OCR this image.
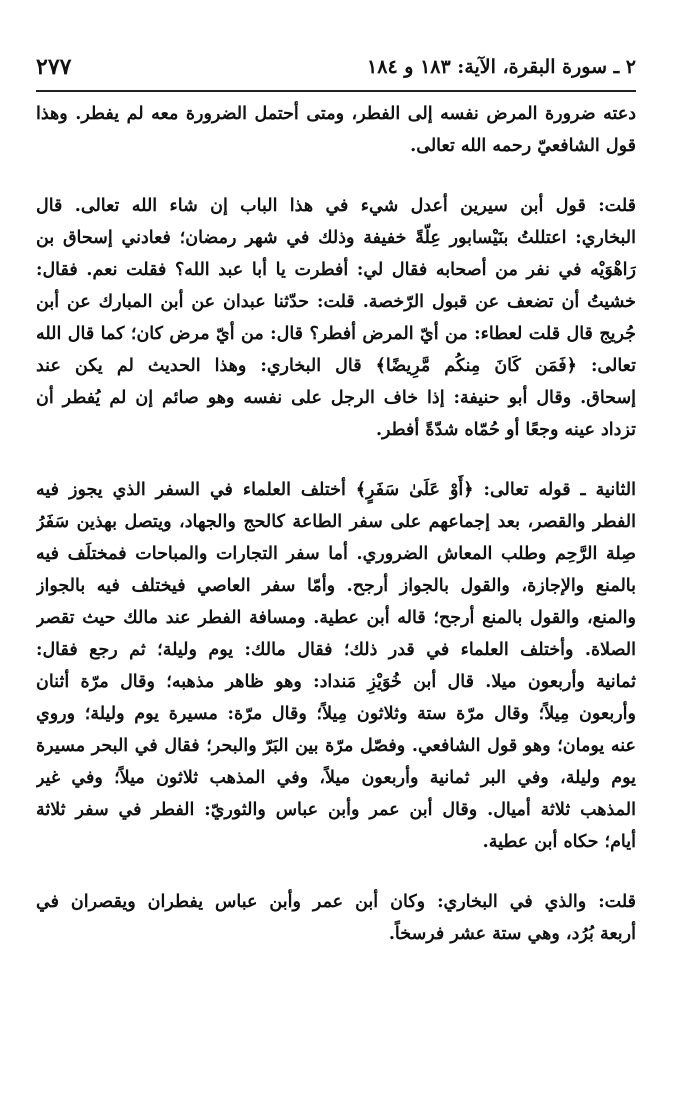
٢ ـ سورة البقرة، الآية: ١٨٣ و ١٨٤
٢٧٧
دعته ضرورة المرض نفسه إلى الفطر، ومتى أحتمل الضرورة معه لم يفطر. وهذا
قول الشافعيّ رحمه الله تعالى.
قلت: قول أبن سيرين أعدل شيء في هذا الباب إن شاء الله تعالى. قال
البخاري: اعتللتُ بنَيْسابور عِلّةً خفيفة وذلك في شهر رمضان؛ فعادني إسحاق بن
رَاهْوَيْه في نفر من أصحابه فقال لي: أفطرت يا أبا عبد الله؟ فقلت نعم. فقال:
خشيتُ أن تضعف عن قبول الرّخصة. قلت: حدّثنا عبدان عن أبن المبارك عن أبن
جُريج قال قلت لعطاء: من أيّ المرض أفطر؟ قال: من أيّ مرض كان؛ كما قال الله
تعالى: ﴿فَمَن كَانَ مِنكُم مَّرِيضًا﴾ قال البخاري: وهذا الحديث لم يكن عند
إسحاق. وقال أبو حنيفة: إذا خاف الرجل على نفسه وهو صائم إن لم يُفطر أن
تزداد عينه وجعًا أو حُمّاه شدّةً أفطر.
الثانية ـ قوله تعالى: ﴿أَوْ عَلَىٰ سَفَرٍ﴾ أختلف العلماء في السفر الذي يجوز فيه
الفطر والقصر، بعد إجماعهم على سفر الطاعة كالحج والجهاد، ويتصل بهذين سَفَرُ
صِلة الرَّحِم وطلب المعاش الضروري. أما سفر التجارات والمباحات فمختلَف فيه
بالمنع والإجازة، والقول بالجواز أرجح. وأمّا سفر العاصي فيختلف فيه بالجواز
والمنع، والقول بالمنع أرجح؛ قاله أبن عطية. ومسافة الفطر عند مالك حيث تقصر
الصلاة. وأختلف العلماء في قدر ذلك؛ فقال مالك: يوم وليلة؛ ثم رجع فقال:
ثمانية وأربعون ميلا. قال أبن خُوَيْزِ مَنداد: وهو ظاهر مذهبه؛ وقال مرّة أثنان
وأربعون مِيلاً؛ وقال مرّة ستة وثلاثون مِيلاً؛ وقال مرّة: مسيرة يوم وليلة؛ وروي
عنه يومان؛ وهو قول الشافعي. وفصّل مرّة بين البَرّ والبحر؛ فقال في البحر مسيرة
يوم وليلة، وفي البر ثمانية وأربعون ميلاً، وفي المذهب ثلاثون ميلاً؛ وفي غير
المذهب ثلاثة أميال. وقال أبن عمر وأبن عباس والثوريّ: الفطر في سفر ثلاثة
أيام؛ حكاه أبن عطية.
قلت: والذي في البخاري: وكان أبن عمر وأبن عباس يفطران ويقصران في
أربعة بُرُد، وهي ستة عشر فرسخاً.
